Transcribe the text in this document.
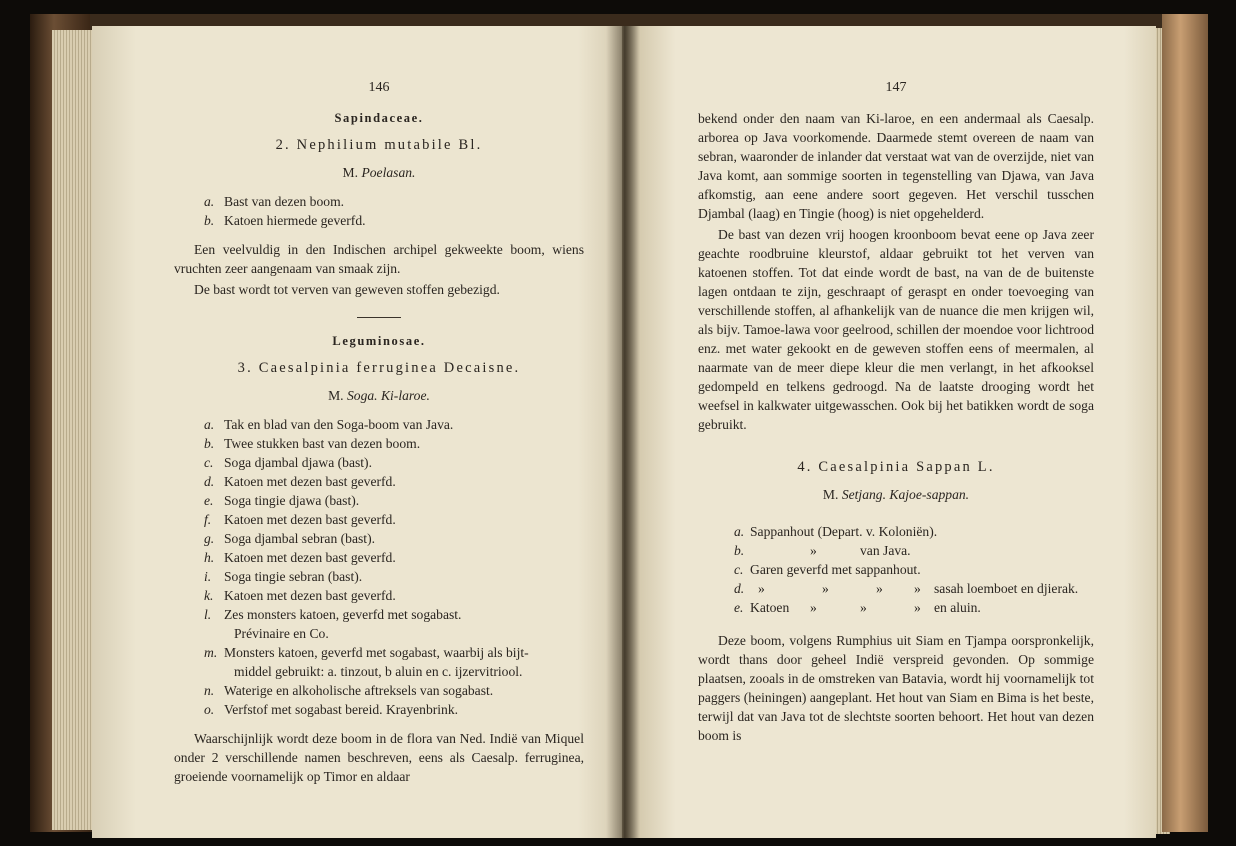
146
Sapindaceae.
2. Nephilium mutabile Bl.
M. Poelasan.
a. Bast van dezen boom.
b. Katoen hiermede geverfd.

Een veelvuldig in den Indischen archipel gekweekte boom, wiens vruchten zeer aangenaam van smaak zijn.

De bast wordt tot verven van geweven stoffen gebezigd.

Leguminosae.
3. Caesalpinia ferruginea Decaisne.
M. Soga. Ki-laroe.
a. Tak en blad van den Soga-boom van Java.
b. Twee stukken bast van dezen boom.
c. Soga djambal djawa (bast).
d. Katoen met dezen bast geverfd.
e. Soga tingie djawa (bast).
f. Katoen met dezen bast geverfd.
g. Soga djambal sebran (bast).
h. Katoen met dezen bast geverfd.
i. Soga tingie sebran (bast).
k. Katoen met dezen bast geverfd.
l. Zes monsters katoen, geverfd met sogabast.
Prévinaire en Co.
m. Monsters katoen, geverfd met sogabast, waarbij als bijt-
middel gebruikt: a. tinzout, b aluin en c. ijzervitriool.
n. Waterige en alkoholische aftreksels van sogabast.
o. Verfstof met sogabast bereid. Krayenbrink.

Waarschijnlijk wordt deze boom in de flora van Ned. Indië van Miquel onder 2 verschillende namen beschreven, eens als Caesalp. ferruginea, groeiende voornamelijk op Timor en aldaar

147

bekend onder den naam van Ki-laroe, en een andermaal als Caesalp. arborea op Java voorkomende. Daarmede stemt overeen de naam van sebran, waaronder de inlander dat verstaat wat van de overzijde, niet van Java komt, aan sommige soorten in tegenstelling van Djawa, van Java afkomstig, aan eene andere soort gegeven. Het verschil tusschen Djambal (laag) en Tingie (hoog) is niet opgehelderd.

De bast van dezen vrij hoogen kroonboom bevat eene op Java zeer geachte roodbruine kleurstof, aldaar gebruikt tot het verven van katoenen stoffen. Tot dat einde wordt de bast, na van de de buitenste lagen ontdaan te zijn, geschraapt of geraspt en onder toevoeging van verschillende stoffen, al afhankelijk van de nuance die men krijgen wil, als bijv. Tamoe-lawa voor geelrood, schillen der moendoe voor lichtrood enz. met water gekookt en de geweven stoffen eens of meermalen, al naarmate van de meer diepe kleur die men verlangt, in het afkooksel gedompeld en telkens gedroogd. Na de laatste drooging wordt het weefsel in kalkwater uitgewasschen. Ook bij het batikken wordt de soga gebruikt.

4. Caesalpinia Sappan L.
M. Setjang. Kajoe-sappan.
a. Sappanhout (Depart. v. Koloniën).
b.	»	van Java.
c. Garen geverfd met sappanhout.
d. »	»	» » sasah loemboet en djierak.
e. Katoen »	»	» en aluin.

Deze boom, volgens Rumphius uit Siam en Tjampa oorspronkelijk, wordt thans door geheel Indië verspreid gevonden. Op sommige plaatsen, zooals in de omstreken van Batavia, wordt hij voornamelijk tot paggers (heiningen) aangeplant. Het hout van Siam en Bima is het beste, terwijl dat van Java tot de slechtste soorten behoort. Het hout van dezen boom is
